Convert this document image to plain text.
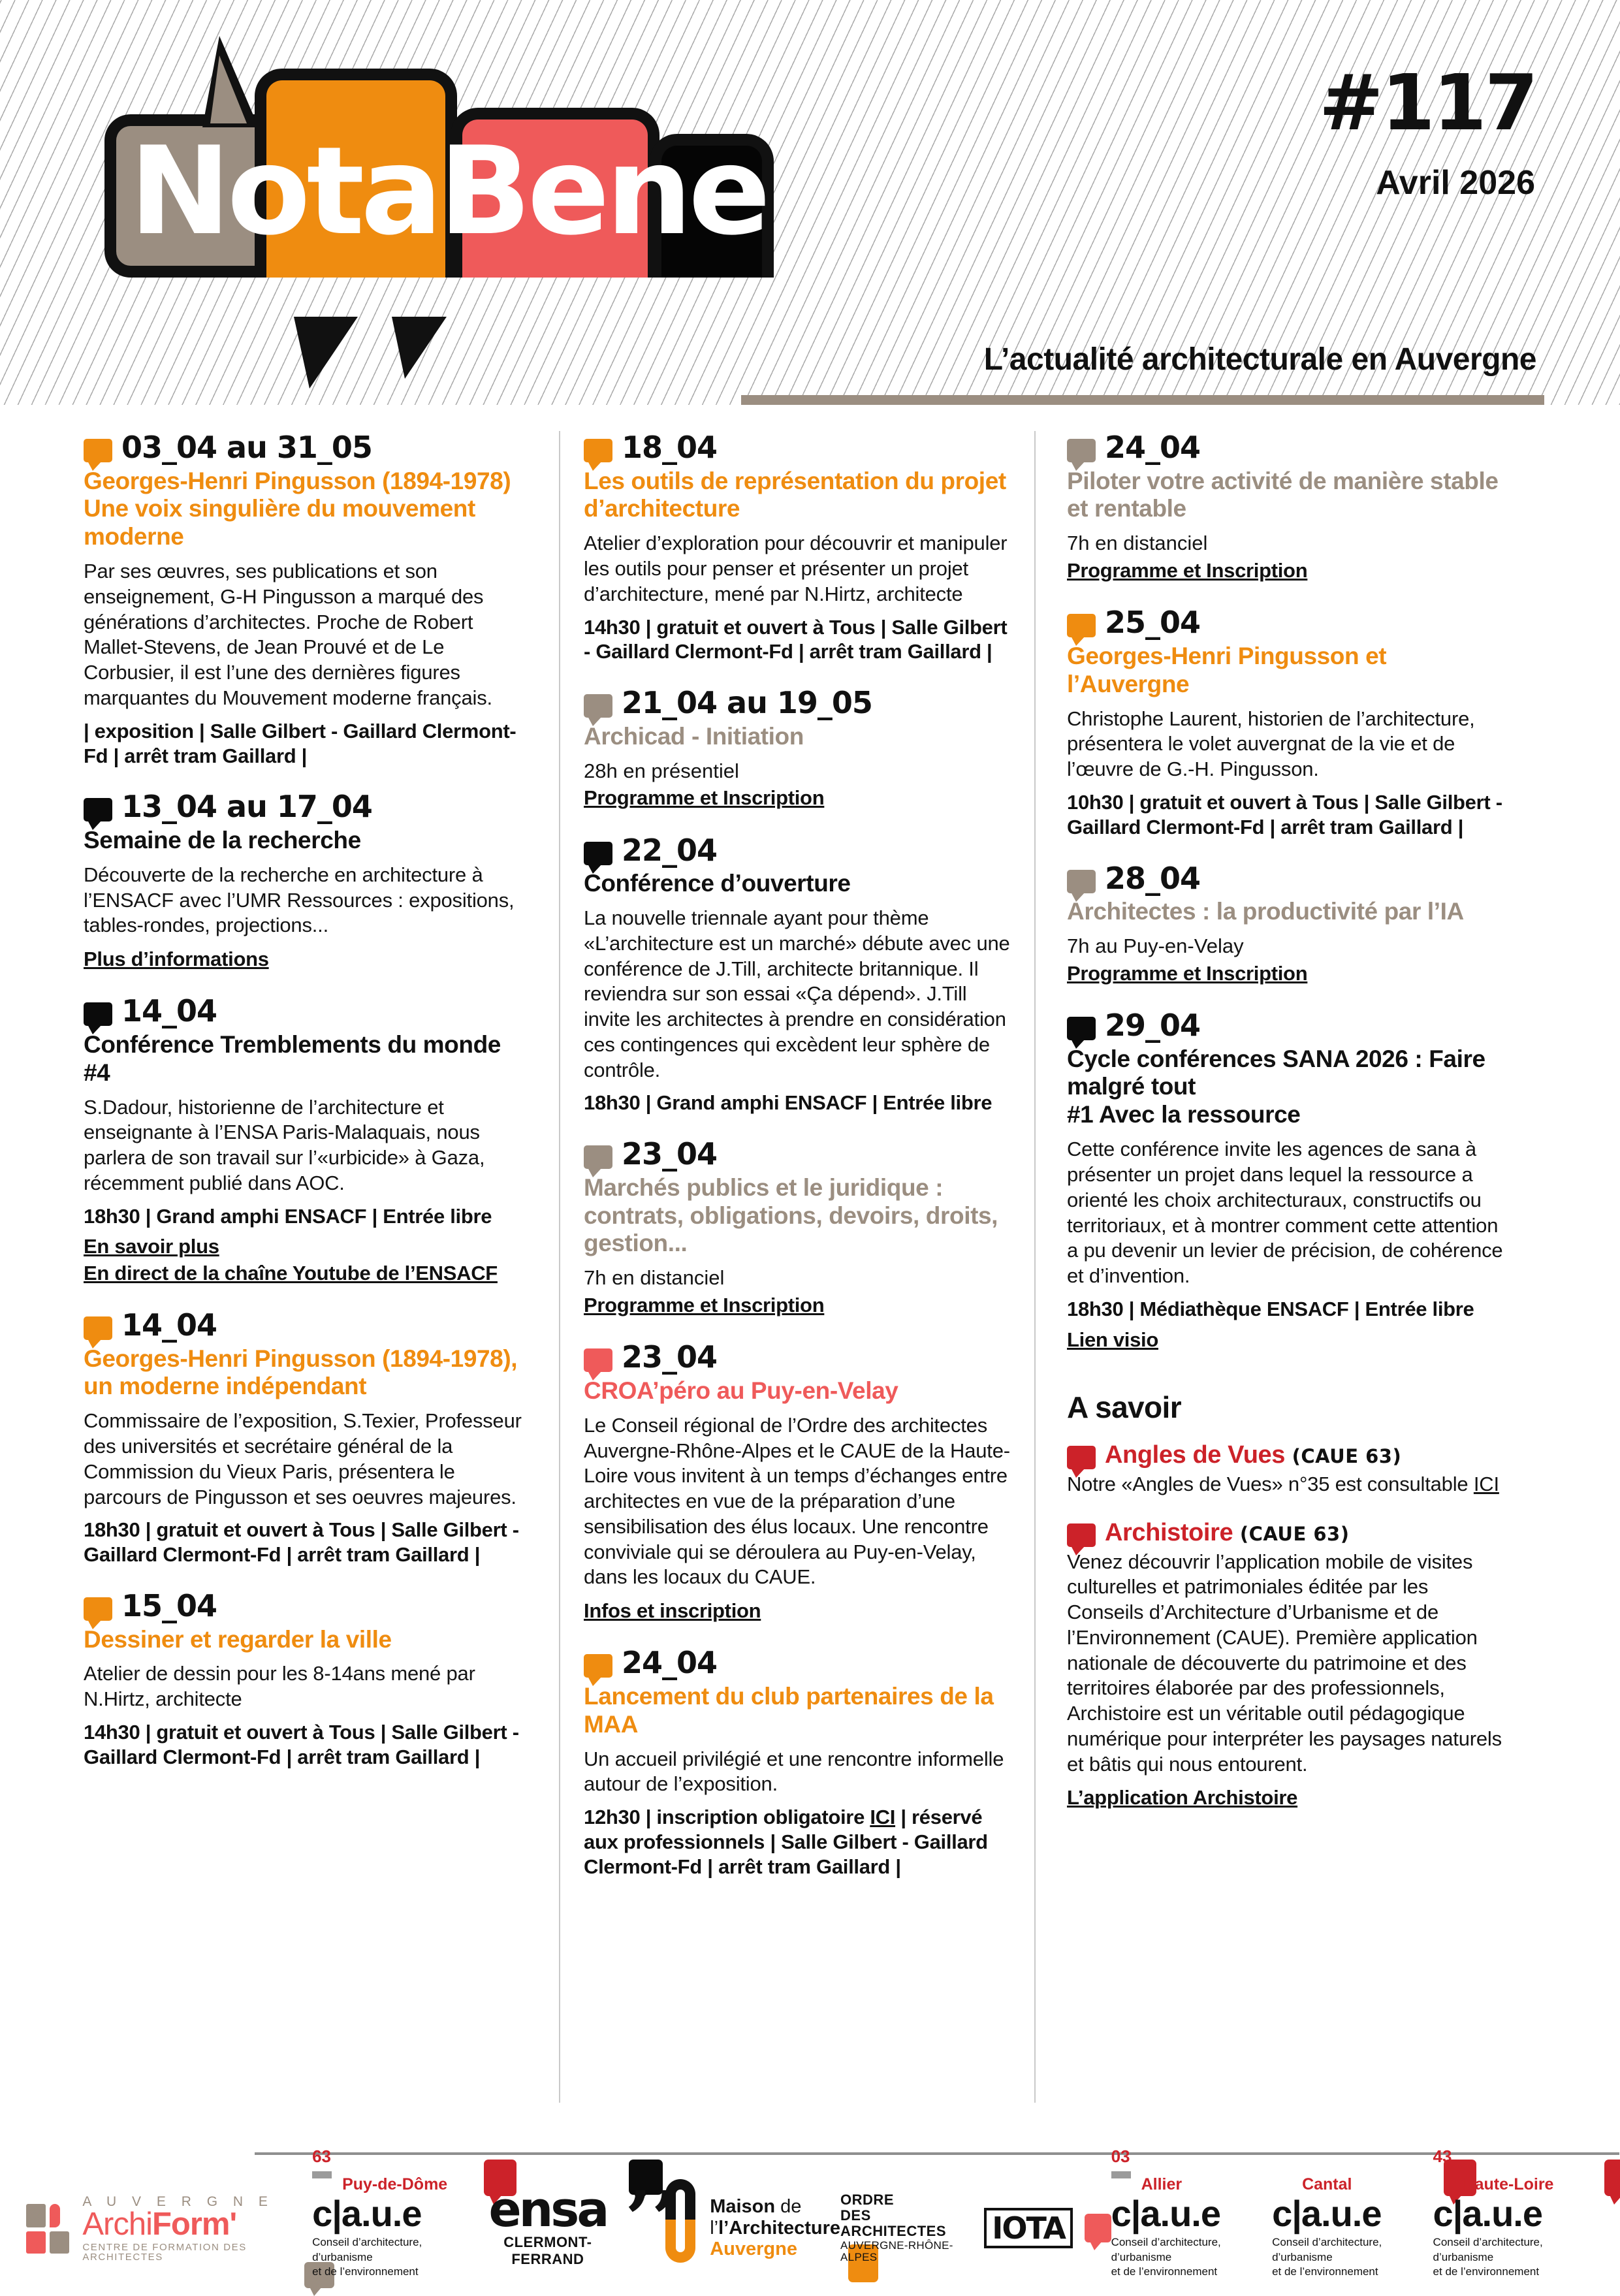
NotaBene
#117
Avril 2026
L’actualité architecturale en Auvergne
03_04 au 31_05
Georges-Henri Pingusson (1894-1978) Une voix singulière du mouvement moderne
Par ses œuvres, ses publications et son enseignement, G-H Pingusson a marqué des générations d’architectes. Proche de Robert Mallet-Stevens, de Jean Prouvé et de Le Corbusier, il est l’une des dernières figures marquantes du Mouvement moderne français.
| exposition | Salle Gilbert - Gaillard Clermont-Fd | arrêt tram Gaillard |
13_04 au 17_04
Semaine de la recherche
Découverte de la recherche en architecture à l’ENSACF avec l’UMR Ressources : expositions, tables-rondes, projections...
Plus d’informations
14_04
Conférence Tremblements du monde #4
S.Dadour, historienne de l’architecture et enseignante à l’ENSA Paris-Malaquais, nous parlera de son travail sur l’«urbicide» à Gaza, récemment publié dans AOC.
18h30 | Grand amphi ENSACF | Entrée libre
En savoir plus
En direct de la chaîne Youtube de l’ENSACF
14_04
Georges-Henri Pingusson (1894-1978), un moderne indépendant
Commissaire de l’exposition, S.Texier, Professeur des universités et secrétaire général de la Commission du Vieux Paris, présentera le parcours de Pingusson et ses oeuvres majeures.
18h30 | gratuit et ouvert à Tous | Salle Gilbert - Gaillard Clermont-Fd | arrêt tram Gaillard |
15_04
Dessiner et regarder la ville
Atelier de dessin pour les 8-14ans mené par N.Hirtz, architecte
14h30 | gratuit et ouvert à Tous | Salle Gilbert - Gaillard Clermont-Fd | arrêt tram Gaillard |
18_04
Les outils de représentation du projet d’architecture
Atelier d’exploration pour découvrir et manipuler les outils pour penser et présenter un projet d’architecture, mené par N.Hirtz, architecte
14h30 | gratuit et ouvert à Tous | Salle Gilbert - Gaillard Clermont-Fd | arrêt tram Gaillard |
21_04 au 19_05
Archicad - Initiation
28h en présentiel
Programme et Inscription
22_04
Conférence d’ouverture
La nouvelle triennale ayant pour thème «L’architecture est un marché» débute avec une conférence de J.Till, architecte britannique. Il reviendra sur son essai «Ça dépend». J.Till invite les architectes à prendre en considération ces contingences qui excèdent leur sphère de contrôle.
18h30 | Grand amphi ENSACF | Entrée libre
23_04
Marchés publics et le juridique : contrats, obligations, devoirs, droits, gestion...
7h en distanciel
Programme et Inscription
23_04
CROA’péro au Puy-en-Velay
Le Conseil régional de l’Ordre des architectes Auvergne-Rhône-Alpes et le CAUE de la Haute-Loire vous invitent à un temps d’échanges entre architectes en vue de la préparation d’une sensibilisation des élus locaux. Une rencontre conviviale qui se déroulera au Puy-en-Velay, dans les locaux du CAUE.
Infos et inscription
24_04
Lancement du club partenaires de la MAA
Un accueil privilégié et une rencontre informelle autour de l’exposition.
12h30 | inscription obligatoire ICI | réservé aux professionnels | Salle Gilbert - Gaillard Clermont-Fd | arrêt tram Gaillard |
24_04
Piloter votre activité de manière stable et rentable
7h en distanciel
Programme et Inscription
25_04
Georges-Henri Pingusson et l’Auvergne
Christophe Laurent, historien de l’architecture, présentera le volet auvergnat de la vie et de l’œuvre de G.-H. Pingusson.
10h30 | gratuit et ouvert à Tous | Salle Gilbert - Gaillard Clermont-Fd | arrêt tram Gaillard |
28_04
Architectes : la productivité par l’IA
7h au Puy-en-Velay
Programme et Inscription
29_04
Cycle conférences SANA 2026 : Faire malgré tout
#1 Avec la ressource
Cette conférence invite les agences de sana à présenter un projet dans lequel la ressource a orienté les choix architecturaux, constructifs ou territoriaux, et à montrer comment cette attention a pu devenir un levier de précision, de cohérence et d’invention.
18h30 | Médiathèque ENSACF | Entrée libre
Lien visio
A savoir
Angles de Vues (CAUE 63)
Notre «Angles de Vues» n°35 est consultable ICI
Archistoire (CAUE 63)
Venez découvrir l’application mobile de visites culturelles et patrimoniales éditée par les Conseils d’Architecture d’Urbanisme et de l’Environnement (CAUE). Première application nationale de découverte du patrimoine et des territoires élaborée par des professionnels, Archistoire est un véritable outil pédagogique numérique pour interpréter les paysages naturels et bâtis qui nous entourent.
L’application Archistoire
A U V E R G N E
ArchiForm'
CENTRE DE FORMATION DES ARCHITECTES
63
Puy-de-Dôme
c|a.u.e
Conseil d’architecture, d’urbanisme
et de l’environnement
ensa
CLERMONT-FERRAND ’’ Maison de
l’l’Architecture
Auvergne
ORDRE
DES
ARCHITECTES
AUVERGNE-RHÔNE-ALPES
IOTA
03
Allier
c|a.u.e
Conseil d’architecture, d’urbanisme
et de l’environnement
Cantal
c|a.u.e
Conseil d’architecture, d’urbanisme
et de l’environnement
43
Haute-Loire
c|a.u.e
Conseil d’architecture, d’urbanisme
et de l’environnement
